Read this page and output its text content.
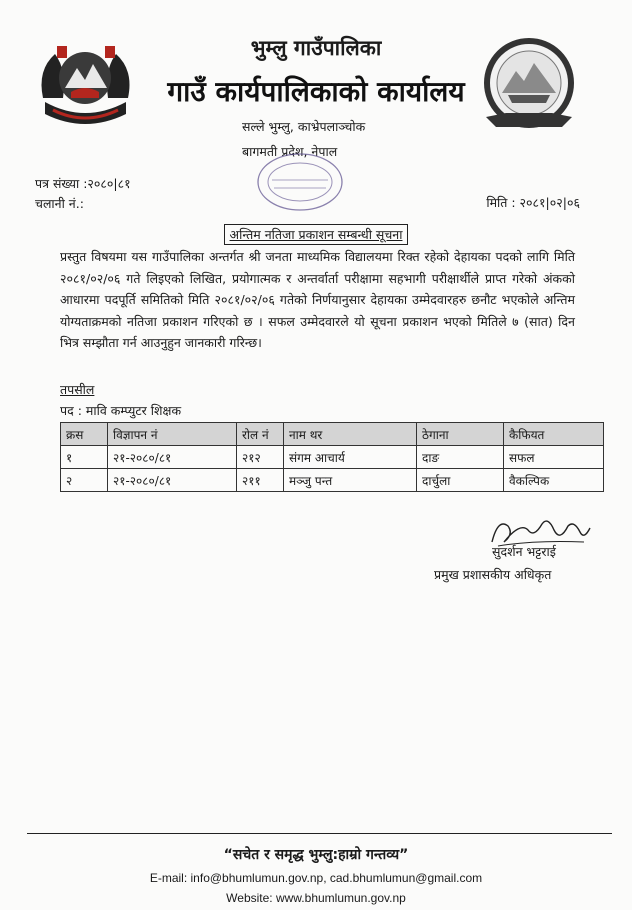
भुम्लु गाउँपालिका
गाउँ कार्यपालिकाको कार्यालय
सल्ले भुम्लु, काभ्रेपलाञ्चोक
बागमती प्रदेश, नेपाल
पत्र संख्या :२०८०|८१
चलानी नं.:	मिति : २०८१|०२|०६
अन्तिम नतिजा प्रकाशन सम्बन्धी सूचना
प्रस्तुत विषयमा यस गाउँपालिका अन्तर्गत श्री जनता माध्यमिक विद्यालयमा रिक्त रहेको देहायका पदको लागि मिति २०८१/०२/०६ गते लिइएको लिखित, प्रयोगात्मक र अन्तर्वार्ता परीक्षामा सहभागी परीक्षार्थीले प्राप्त गरेको अंकको आधारमा पदपूर्ति समितिको मिति २०८१/०२/०६ गतेको निर्णयानुसार देहायका उम्मेदवारहरु छनौट भएकोले अन्तिम योग्यताक्रमको नतिजा प्रकाशन गरिएको छ । सफल उम्मेदवारले यो सूचना प्रकाशन भएको मितिले ७ (सात) दिन भित्र सम्झौता गर्न आउनुहुन जानकारी गरिन्छ।
तपसील
पद : मावि कम्प्युटर शिक्षक
क्रस	विज्ञापन नं	रोल नं	नाम थर	ठेगाना	कैफियत
१	२१-२०८०/८१	२१२	संगम आचार्य	दाङ	सफल
२	२१-२०८०/८१	२११	मञ्जु पन्त	दार्चुला	वैकल्पिक
सुदर्शन भट्टराई
प्रमुख प्रशासकीय अधिकृत
“सचेत र समृद्ध भुम्लु:हाम्रो गन्तव्य”
E-mail: info@bhumlumun.gov.np, cad.bhumlumun@gmail.com
Website: www.bhumlumun.gov.np
